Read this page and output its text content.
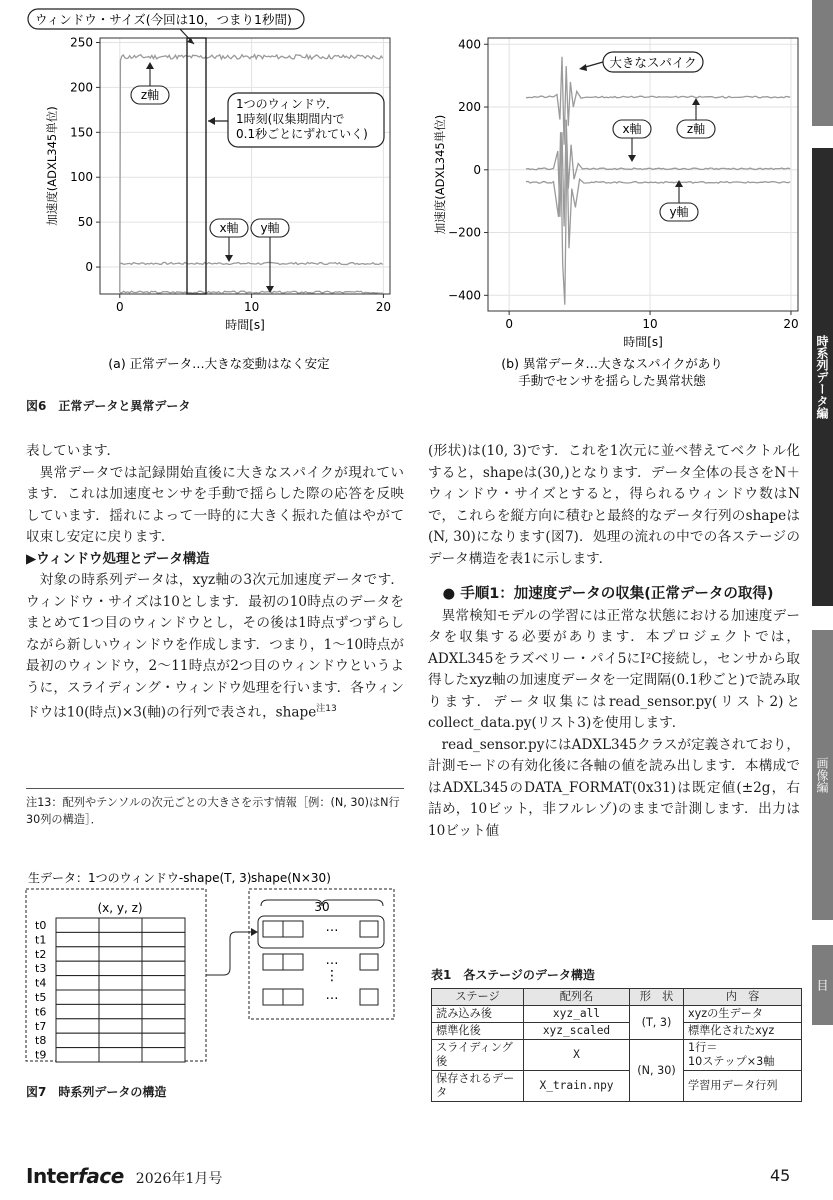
0	10	20
0
50
100
150
200
250
時間[s]
加速度(ADXL345単位)
0	10	20
−400
−200
0
200
400
時間[s]
加速度(ADXL345単位)
ウィンドウ・サイズ(今回は10，つまり1秒間)
1つのウィンドウ． 1時刻(収集期間内で 0.1秒ごとにずれていく)
z軸
x軸 y軸
大きなスパイク
x軸	z軸
y軸
(a) 正常データ…大きな変動はなく安定	(b) 異常データ…大きなスパイクがあり
手動でセンサを揺らした異常状態
図6　正常データと異常データ

表しています．

異常データでは記録開始直後に大きなスパイクが現れています．これは加速度センサを手動で揺らした際の応答を反映しています．揺れによって一時的に大きく振れた値はやがて収束し安定に戻ります．

▶ウィンドウ処理とデータ構造

対象の時系列データは，xyz軸の3次元加速度データです．ウィンドウ・サイズは10とします．最初の10時点のデータをまとめて1つ目のウィンドウとし，その後は1時点ずつずらしながら新しいウィンドウを作成します．つまり，1～10時点が最初のウィンドウ，2～11時点が2つ目のウィンドウというように，スライディング・ウィンドウ処理を行います．各ウィンドウは10(時点)×3(軸)の行列で表され，shape$^{注13}$

注13：配列やテンソルの次元ごとの大きさを示す情報［例：(N, 30)はN行30列の構造］．
生データ：1つのウィンドウ-shape(T, 3) shape(N×30)
(x, y, z)
t0
t1
t2
t3
t4
t5
t6
t7
t8
t9
30
…
…
…
⋮
図7　時系列データの構造

(形状)は(10, 3)です．これを1次元に並べ替えてベクトル化すると，shapeは(30,)となります．データ全体の長さをN＋ウィンドウ・サイズとすると，得られるウィンドウ数はNで，これらを縦方向に積むと最終的なデータ行列のshapeは(N, 30)になります(図7)．処理の流れの中での各ステージのデータ構造を表1に示します．

● 手順1：加速度データの収集(正常データの取得)

異常検知モデルの学習には正常な状態における加速度データを収集する必要があります．本プロジェクトでは，ADXL345をラズベリー・パイ5にI²C接続し，センサから取得したxyz軸の加速度データを一定間隔(0.1秒ごと)で読み取ります．データ収集にはread_sensor.py(リスト2)とcollect_data.py(リスト3)を使用します．

read_sensor.pyにはADXL345クラスが定義されており，計測モードの有効化後に各軸の値を読み出します．本構成ではADXL345のDATA_FORMAT(0x31)は既定値(±2g，右詰め，10ビット，非フルレゾ)のままで計測します．出力は10ビット値

表1　各ステージのデータ構造
ステージ	配列名	形　状	内　容
読み込み後	xyz_all	(T, 3)	xyzの生データ
標準化後	xyz_scaled		標準化されたxyz
スライディング後	X	(N, 30)	1行＝
10ステップ×3軸
保存されるデータ	X_train.npy		学習用データ行列
時系列データ編
画像編
目
Interface 2026年1月号	45
